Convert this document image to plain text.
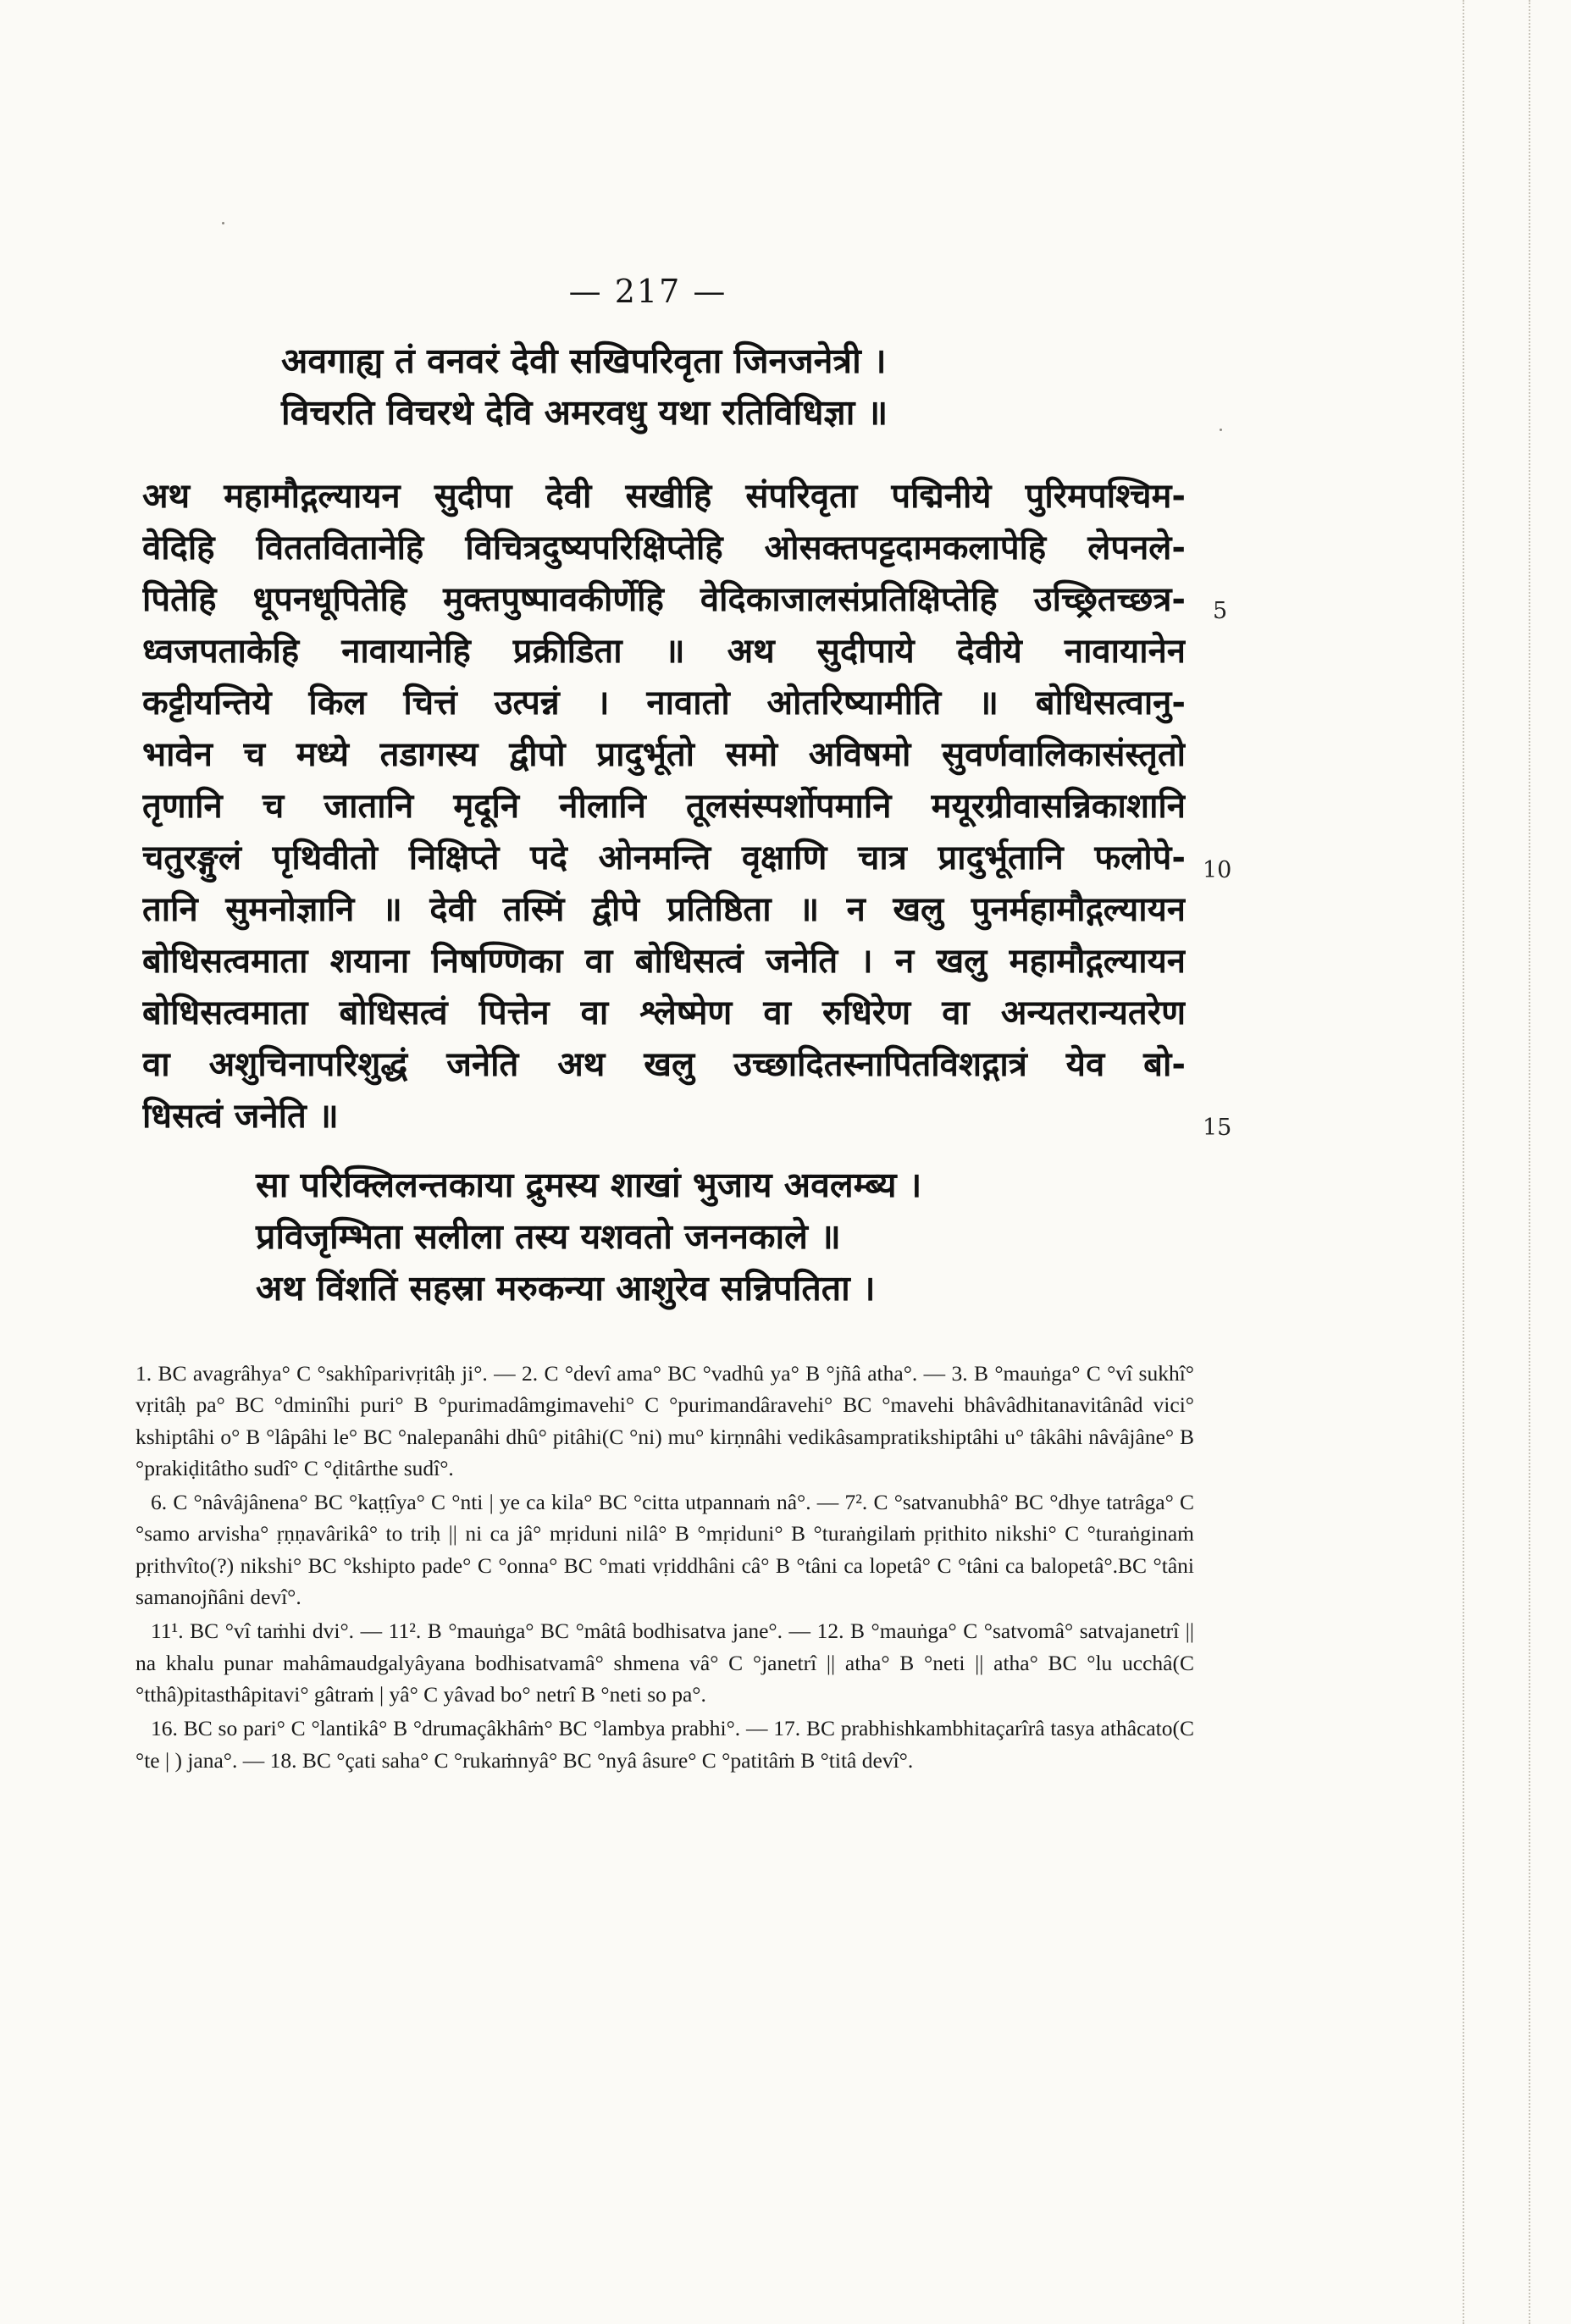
— 217 —
अवगाह्य तं वनवरं देवी सखिपरिवृता जिनजनेत्री ।
विचरति विचरथे देवि अमरवधु यथा रतिविधिज्ञा ॥
अथ महामौद्गल्यायन सुदीपा देवी सखीहि संपरिवृता पद्मिनीये पुरिमपश्चिम-
वेदिहि विततवितानेहि विचित्रदुष्यपरिक्षिप्तेहि ओसक्तपट्टदामकलापेहि लेपनले-
पितेहि धूपनधूपितेहि मुक्तपुष्पावकीर्णेहि वेदिकाजालसंप्रतिक्षिप्तेहि उच्छ्रितच्छत्र-
ध्वजपताकेहि नावायानेहि प्रक्रीडिता ॥ अथ सुदीपाये देवीये नावायानेन
कट्टीयन्तिये किल चित्तं उत्पन्नं । नावातो ओतरिष्यामीति ॥ बोधिसत्वानु-
भावेन च मध्ये तडागस्य द्वीपो प्रादुर्भूतो समो अविषमो सुवर्णवालिकासंस्तृतो
तृणानि च जातानि मृदूनि नीलानि तूलसंस्पर्शोपमानि मयूरग्रीवासन्निकाशानि
चतुरङ्गुलं पृथिवीतो निक्षिप्ते पदे ओनमन्ति वृक्षाणि चात्र प्रादुर्भूतानि फलोपे-
तानि सुमनोज्ञानि ॥ देवी तस्मिं द्वीपे प्रतिष्ठिता ॥ न खलु पुनर्महामौद्गल्यायन
बोधिसत्वमाता शयाना निषण्णिका वा बोधिसत्वं जनेति । न खलु महामौद्गल्यायन
बोधिसत्वमाता बोधिसत्वं पित्तेन वा श्लेष्मेण वा रुधिरेण वा अन्यतरान्यतरेण
वा अशुचिनापरिशुद्धं जनेति अथ खलु उच्छादितस्नापितविशद्गात्रं येव बो-
धिसत्वं जनेति ॥
5
10
15
सा परिक्लिलन्तकाया द्रुमस्य शाखां भुजाय अवलम्ब्य ।
प्रविजृम्भिता सलीला तस्य यशवतो जननकाले ॥
अथ विंशतिं सहस्रा मरुकन्या आशुरेव सन्निपतिता ।

1. BC avagrâhya° C °sakhîparivṛitâḥ ji°. — 2. C °devî ama° BC °vadhû ya° B °jñâ atha°. — 3. B °mauṅga° C °vî sukhî° vṛitâḥ pa° BC °dminîhi puri° B °purimadâmgimavehi° C °purimandâravehi° BC °mavehi bhâvâdhitanavitânâd vici° kshiptâhi o° B °lâpâhi le° BC °nalepanâhi dhû° pitâhi(C °ni) mu° kirṇnâhi vedikâsampratikshiptâhi u° tâkâhi nâvâjâne° B °prakiḍitâtho sudî° C °ḍitârthe sudî°.

6. C °nâvâjânena° BC °kaṭṭîya° C °nti | ye ca kila° BC °citta utpannaṁ nâ°. — 7². C °satvanubhâ° BC °dhye tatrâga° C °samo arvisha° ṛṇṇavârikâ° to triḥ || ni ca jâ° mṛiduni nilâ° B °mṛiduni° B °turaṅgilaṁ pṛithito nikshi° C °turaṅginaṁ pṛithvîto(?) nikshi° BC °kshipto pade° C °onna° BC °mati vṛiddhâni câ° B °tâni ca lopetâ° C °tâni ca balopetâ°.BC °tâni samanojñâni devî°.

11¹. BC °vî taṁhi dvi°. — 11². B °mauṅga° BC °mâtâ bodhisatva jane°. — 12. B °mauṅga° C °satvomâ° satvajanetrî || na khalu punar mahâmaudgalyâyana bodhisatvamâ° shmena vâ° C °janetrî || atha° B °neti || atha° BC °lu ucchâ(C °tthâ)pitasthâpitavi° gâtraṁ | yâ° C yâvad bo° netrî B °neti so pa°.

16. BC so pari° C °lantikâ° B °drumaçâkhâṁ° BC °lambya prabhi°. — 17. BC prabhishkambhitaçarîrâ tasya athâcato(C °te | ) jana°. — 18. BC °çati saha° C °rukaṁnyâ° BC °nyâ âsure° C °patitâṁ B °titâ devî°.
